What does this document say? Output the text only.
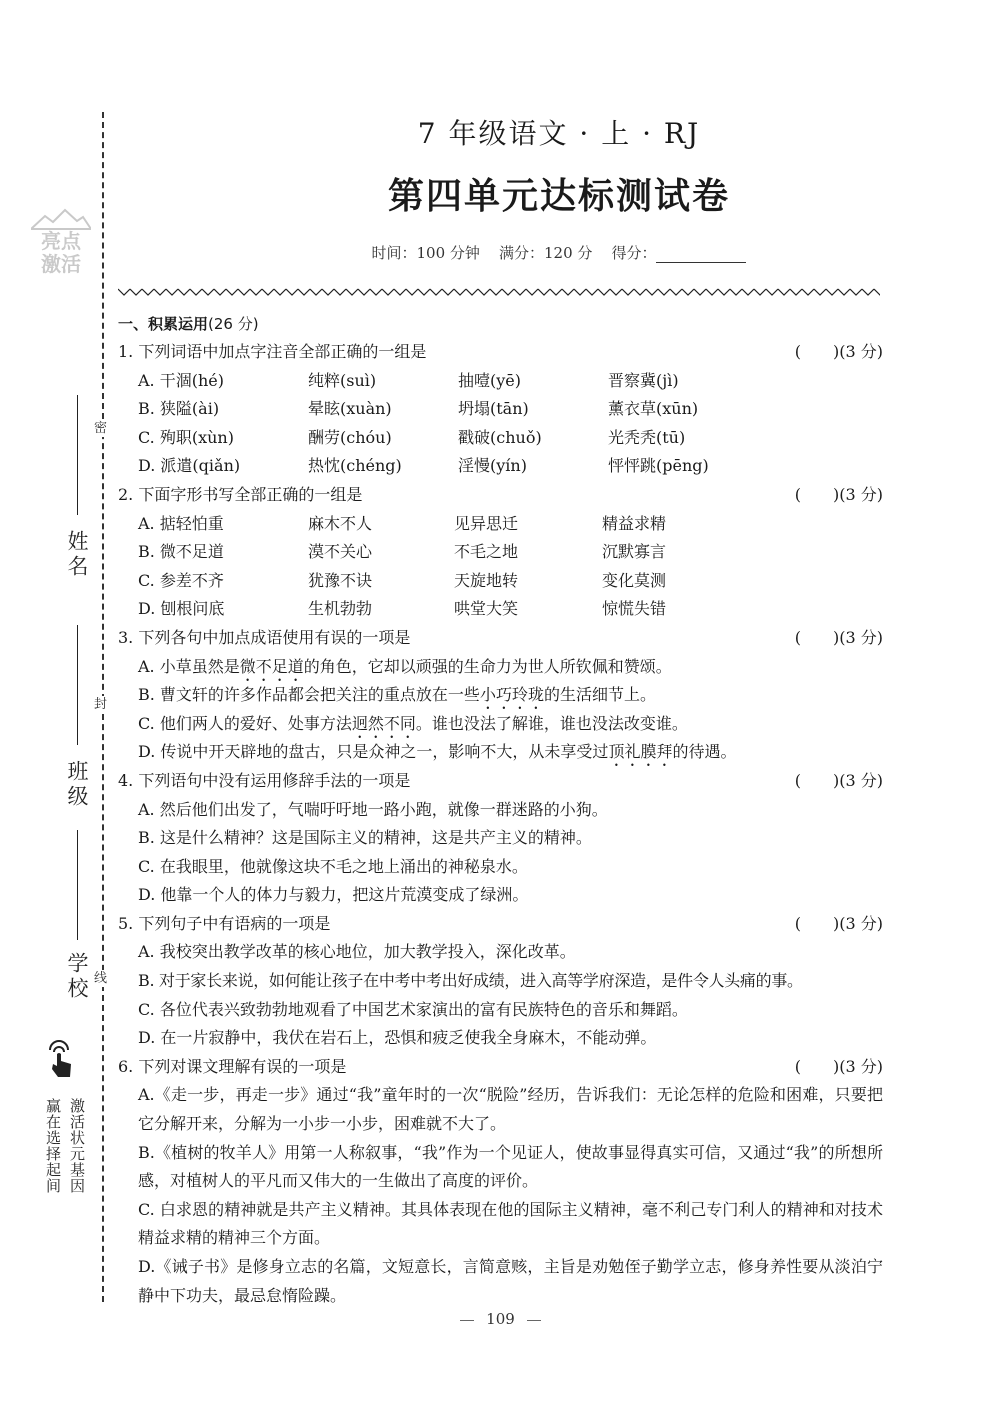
亮点
激活
姓名
班级
学校
密
封
线
激活状元基因
赢在选择起间
7 年级语文 · 上 · RJ
第四单元达标测试卷
时间：100 分钟 满分：120 分 得分：
一、积累运用(26 分)
1. 下列词语中加点字注音全部正确的一组是	(　　)(3 分)
A. 干涸(hé)	纯粹(suì)	抽噎(yē)	晋察冀(jì)
B. 狭隘(ài)	晕眩(xuàn)	坍塌(tān)	薰衣草(xūn)
C. 殉职(xùn)	酬劳(chóu)	戳破(chuǒ)	光秃秃(tū)
D. 派遣(qiǎn)	热忱(chéng)	淫慢(yín)	怦怦跳(pēng)
2. 下面字形书写全部正确的一组是	(　　)(3 分)
A. 掂轻怕重	麻木不人	见异思迁	精益求精
B. 微不足道	漠不关心	不毛之地	沉默寡言
C. 参差不齐	犹豫不诀	天旋地转	变化莫测
D. 刨根问底	生机勃勃	哄堂大笑	惊慌失错
3. 下列各句中加点成语使用有误的一项是	(　　)(3 分)
A. 小草虽然是微不足道的角色，它却以顽强的生命力为世人所钦佩和赞颂。
B. 曹文轩的许多作品都会把关注的重点放在一些小巧玲珑的生活细节上。
C. 他们两人的爱好、处事方法迥然不同。谁也没法了解谁，谁也没法改变谁。
D. 传说中开天辟地的盘古，只是众神之一，影响不大，从未享受过顶礼膜拜的待遇。
4. 下列语句中没有运用修辞手法的一项是	(　　)(3 分)
A. 然后他们出发了，气喘吁吁地一路小跑，就像一群迷路的小狗。
B. 这是什么精神？这是国际主义的精神，这是共产主义的精神。
C. 在我眼里，他就像这块不毛之地上涌出的神秘泉水。
D. 他靠一个人的体力与毅力，把这片荒漠变成了绿洲。
5. 下列句子中有语病的一项是	(　　)(3 分)
A. 我校突出教学改革的核心地位，加大教学投入，深化改革。
B. 对于家长来说，如何能让孩子在中考中考出好成绩，进入高等学府深造，是件令人头痛的事。
C. 各位代表兴致勃勃地观看了中国艺术家演出的富有民族特色的音乐和舞蹈。
D. 在一片寂静中，我伏在岩石上，恐惧和疲乏使我全身麻木，不能动弹。
6. 下列对课文理解有误的一项是	(　　)(3 分)
A.《走一步，再走一步》通过“我”童年时的一次“脱险”经历，告诉我们：无论怎样的危险和困难，只要把它分解开来，分解为一小步一小步，困难就不大了。
B.《植树的牧羊人》用第一人称叙事，“我”作为一个见证人，使故事显得真实可信，又通过“我”的所想所感，对植树人的平凡而又伟大的一生做出了高度的评价。
C. 白求恩的精神就是共产主义精神。其具体表现在他的国际主义精神，毫不利己专门利人的精神和对技术精益求精的精神三个方面。
D.《诫子书》是修身立志的名篇，文短意长，言简意赅，主旨是劝勉侄子勤学立志，修身养性要从淡泊宁静中下功夫，最忌怠惰险躁。
109
